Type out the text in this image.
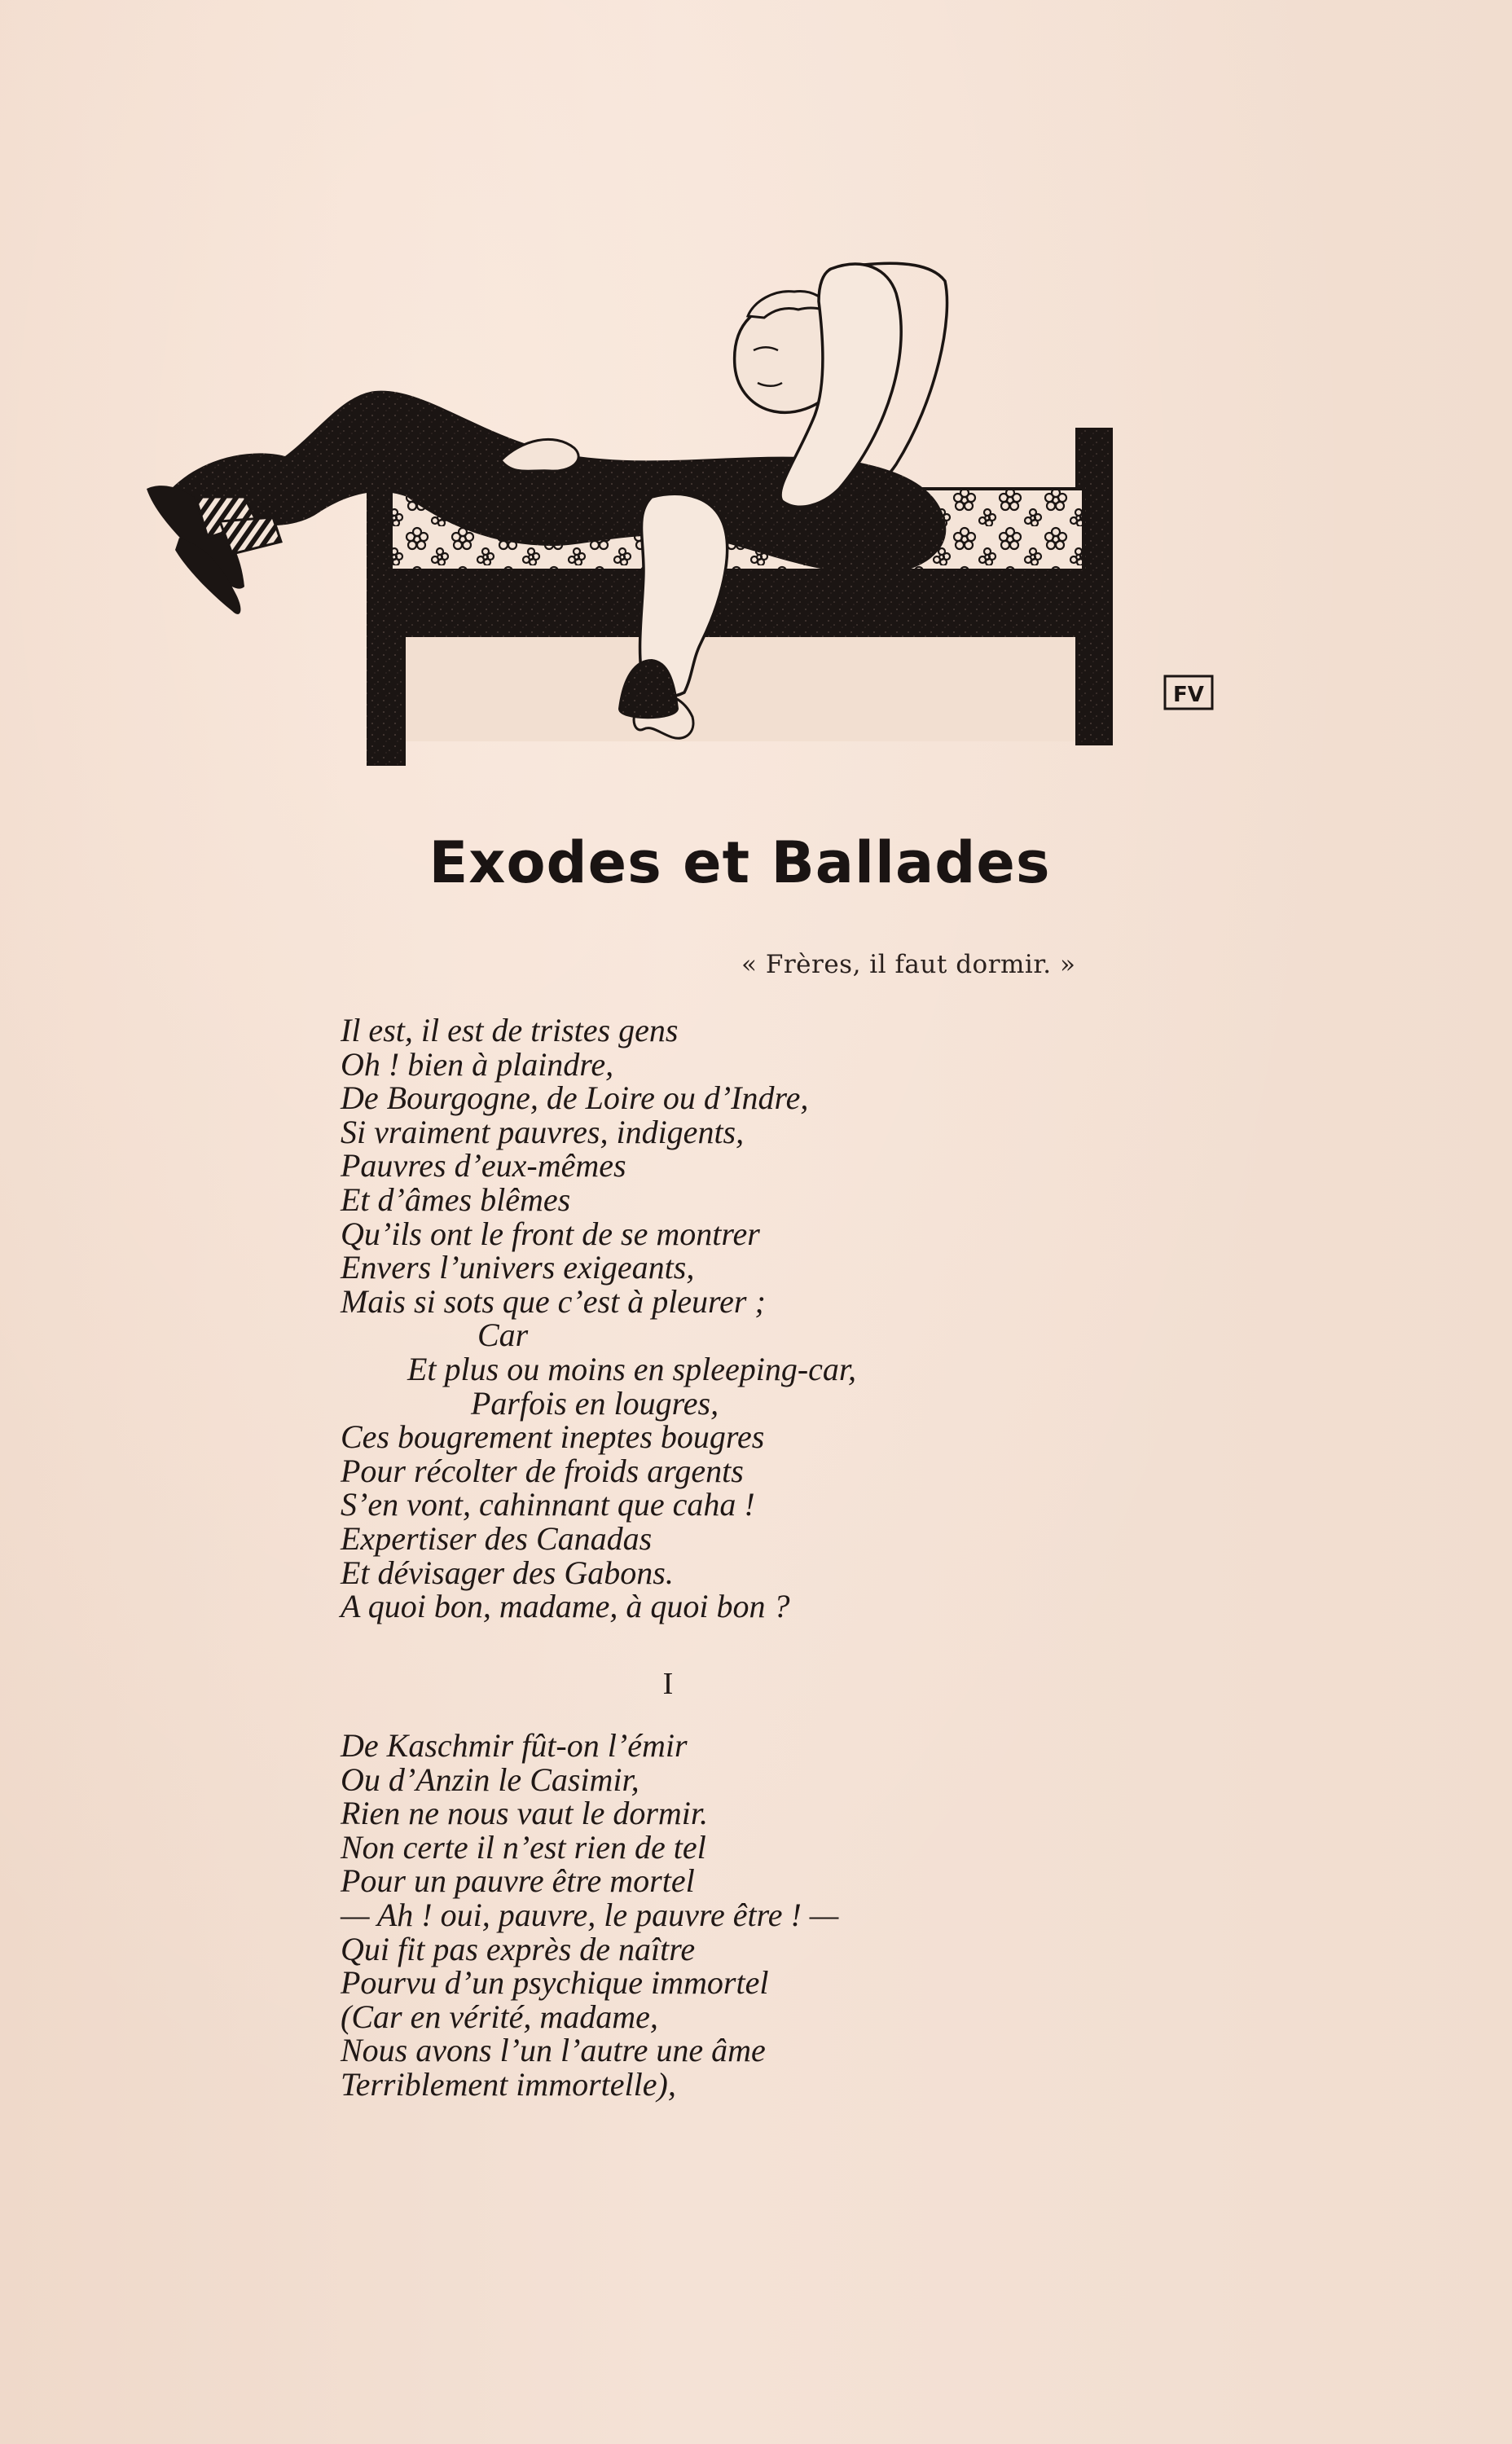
FV
Exodes et Ballades
« Frères, il faut dormir. »
Il est, il est de tristes gens
Oh ! bien à plaindre,
De Bourgogne, de Loire ou d’Indre,
Si vraiment pauvres, indigents,
Pauvres d’eux-mêmes
Et d’âmes blêmes
Qu’ils ont le front de se montrer
Envers l’univers exigeants,
Mais si sots que c’est à pleurer ;
Car
Et plus ou moins en spleeping-car,
Parfois en lougres,
Ces bougrement ineptes bougres
Pour récolter de froids argents
S’en vont, cahinnant que caha !
Expertiser des Canadas
Et dévisager des Gabons.
A quoi bon, madame, à quoi bon ?
I
De Kaschmir fût-on l’émir
Ou d’Anzin le Casimir,
Rien ne nous vaut le dormir.
Non certe il n’est rien de tel
Pour un pauvre être mortel
— Ah ! oui, pauvre, le pauvre être ! —
Qui fit pas exprès de naître
Pourvu d’un psychique immortel
(Car en vérité, madame,
Nous avons l’un l’autre une âme
Terriblement immortelle),
